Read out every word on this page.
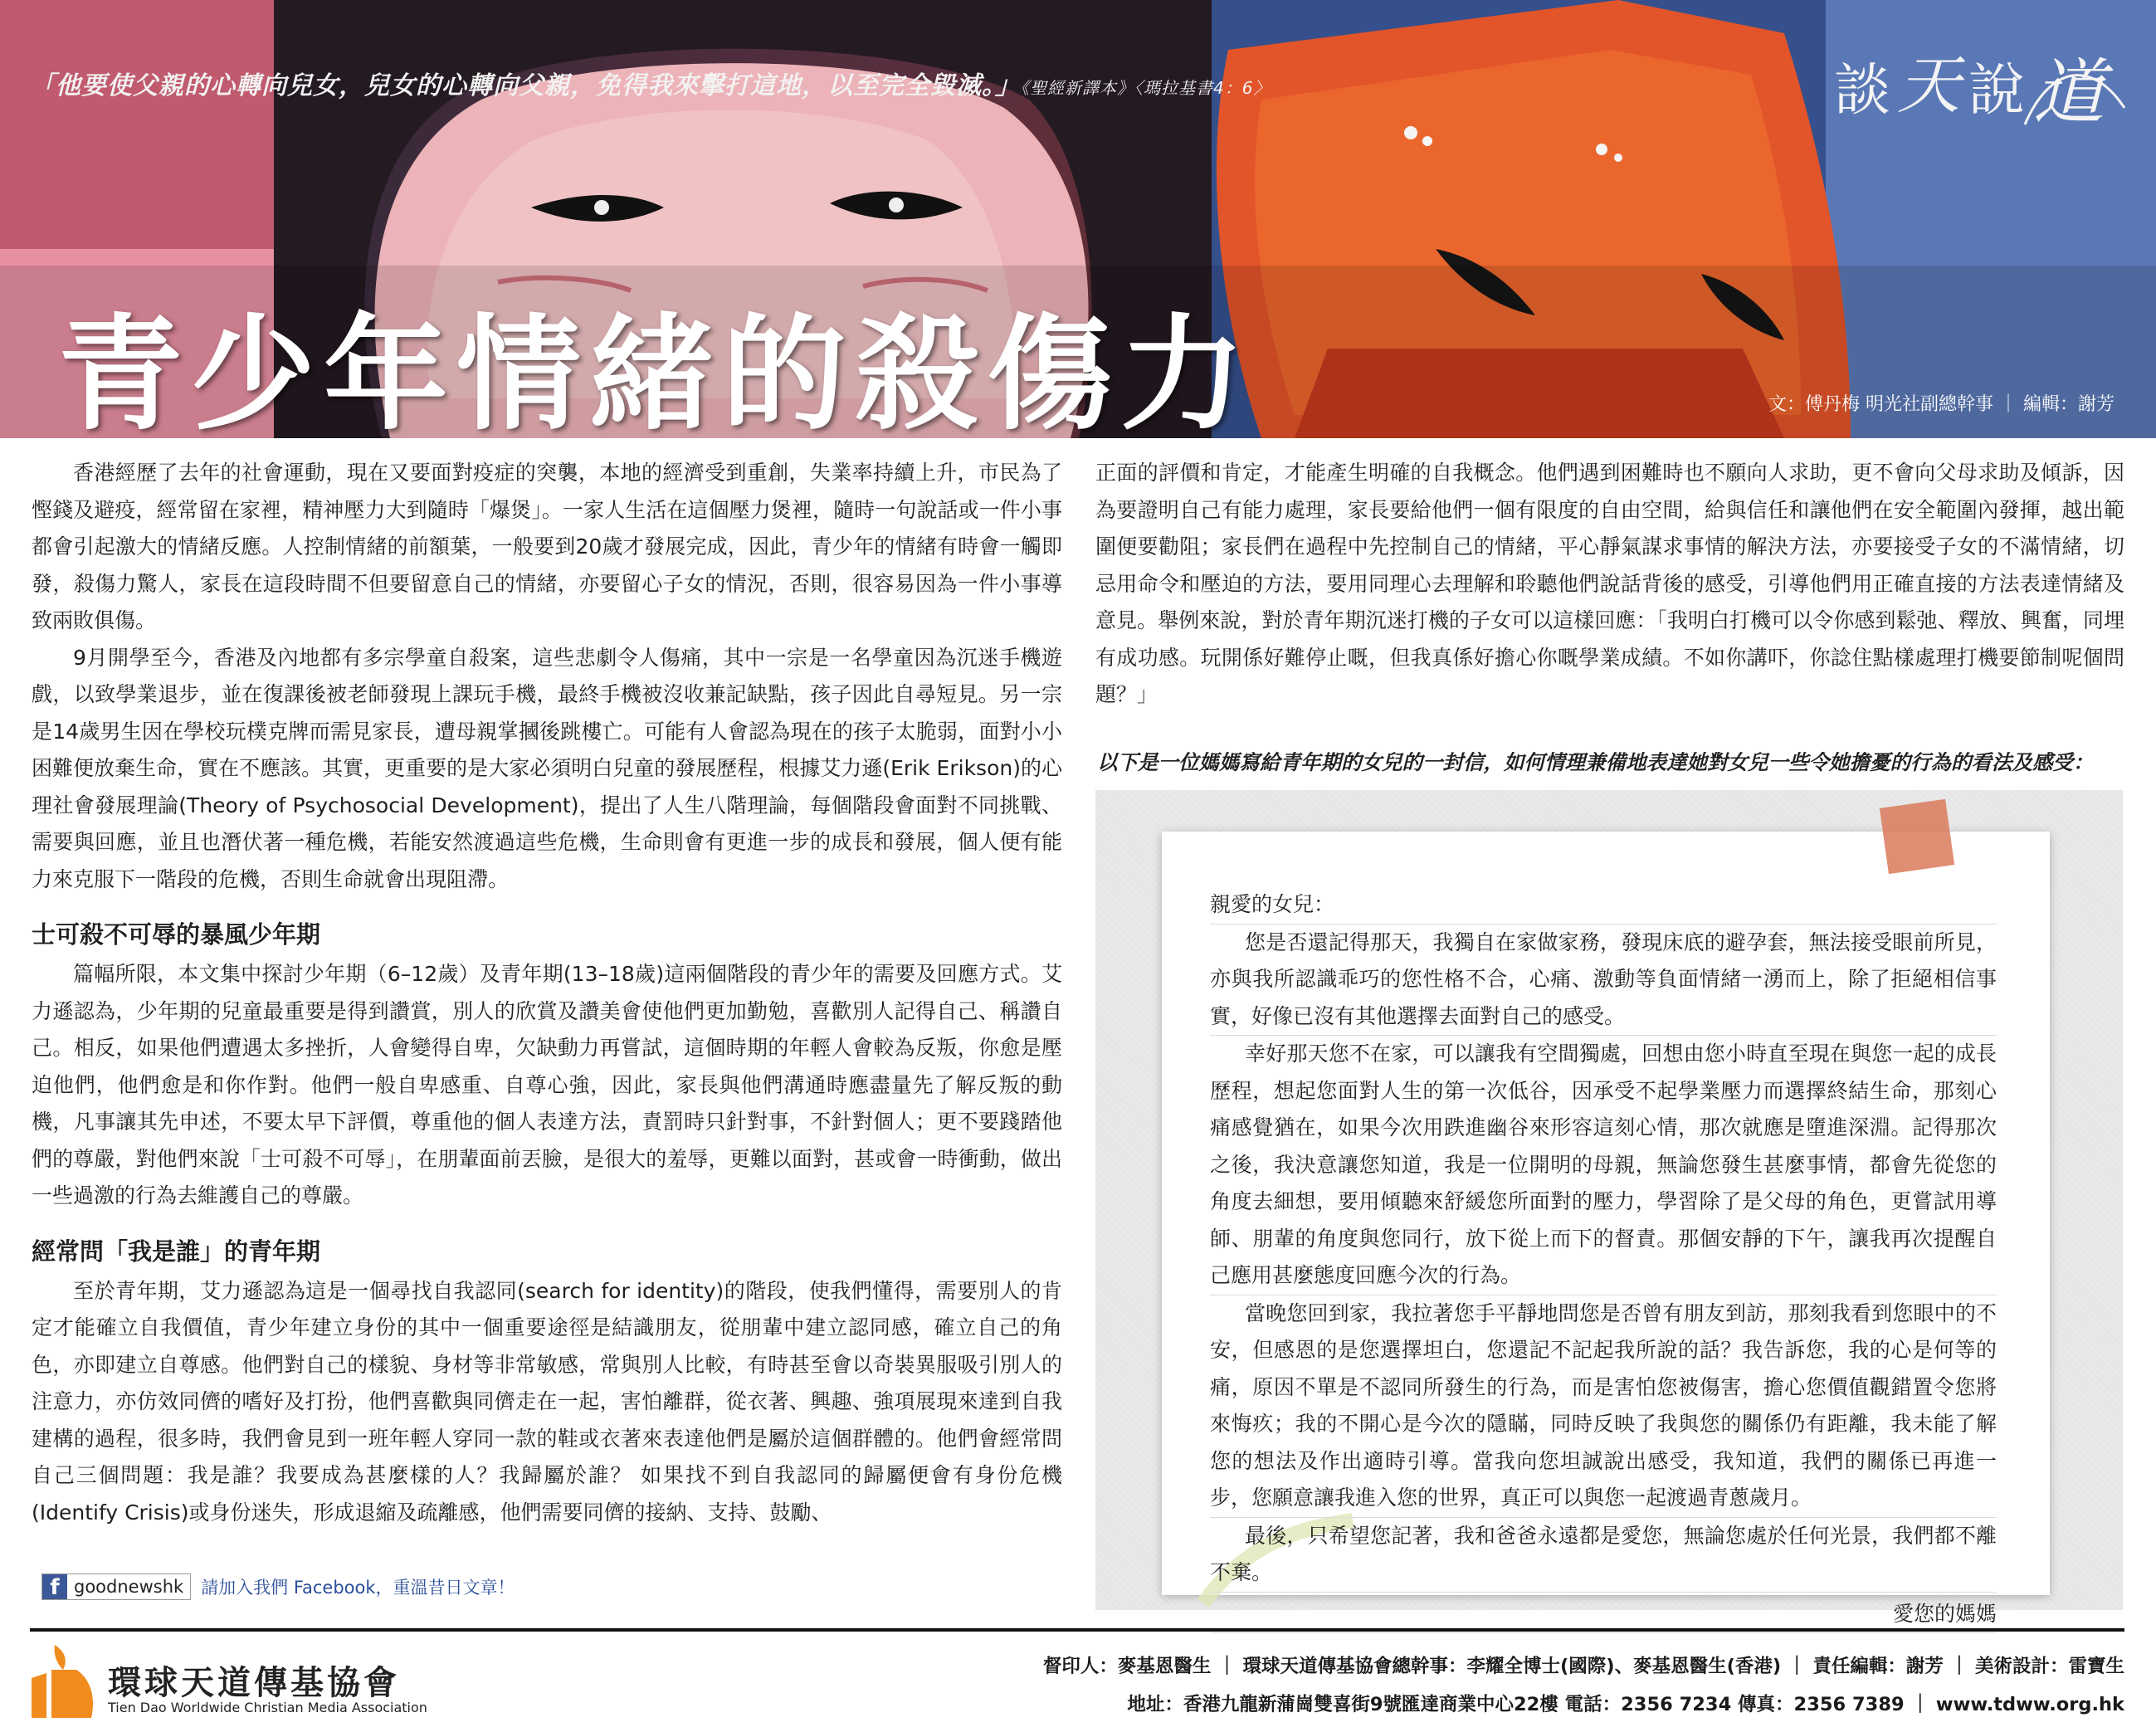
「他要使父親的心轉向兒女，兒女的心轉向父親，免得我來擊打這地，以至完全毀滅。」《聖經新譯本》〈瑪拉基書4：6〉	談 天 說 道
青少年情緒的殺傷力	文：傅丹梅 明光社副總幹事 ｜ 編輯：謝芳

香港經歷了去年的社會運動，現在又要面對疫症的突襲，本地的經濟受到重創，失業率持續上升，市民為了慳錢及避疫，經常留在家裡，精神壓力大到隨時「爆煲」。一家人生活在這個壓力煲裡，隨時一句說話或一件小事都會引起激大的情緒反應。人控制情緒的前額葉，一般要到20歲才發展完成，因此，青少年的情緒有時會一觸即發，殺傷力驚人，家長在這段時間不但要留意自己的情緒，亦要留心子女的情況，否則，很容易因為一件小事導致兩敗俱傷。

9月開學至今，香港及內地都有多宗學童自殺案，這些悲劇令人傷痛，其中一宗是一名學童因為沉迷手機遊戲，以致學業退步，並在復課後被老師發現上課玩手機，最終手機被沒收兼記缺點，孩子因此自尋短見。另一宗是14歲男生因在學校玩樸克牌而需見家長，遭母親掌摑後跳樓亡。可能有人會認為現在的孩子太脆弱，面對小小困難便放棄生命，實在不應該。其實，更重要的是大家必須明白兒童的發展歷程，根據艾力遜(Erik Erikson)的心理社會發展理論(Theory of Psychosocial Development)，提出了人生八階理論，每個階段會面對不同挑戰、需要與回應，並且也潛伏著一種危機，若能安然渡過這些危機，生命則會有更進一步的成長和發展，個人便有能力來克服下一階段的危機，否則生命就會出現阻滯。

士可殺不可辱的暴風少年期

篇幅所限，本文集中探討少年期（6–12歲）及青年期(13–18歲)這兩個階段的青少年的需要及回應方式。艾力遜認為，少年期的兒童最重要是得到讚賞，別人的欣賞及讚美會使他們更加勤勉，喜歡別人記得自己、稱讚自己。相反，如果他們遭遇太多挫折，人會變得自卑，欠缺動力再嘗試，這個時期的年輕人會較為反叛，你愈是壓迫他們，他們愈是和你作對。他們一般自卑感重、自尊心強，因此，家長與他們溝通時應盡量先了解反叛的動機，凡事讓其先申述，不要太早下評價，尊重他的個人表達方法，責罰時只針對事，不針對個人；更不要踐踏他們的尊嚴，對他們來說「士可殺不可辱」，在朋輩面前丟臉，是很大的羞辱，更難以面對，甚或會一時衝動，做出一些過激的行為去維護自己的尊嚴。

經常問「我是誰」的青年期

至於青年期，艾力遜認為這是一個尋找自我認同(search for identity)的階段，使我們懂得，需要別人的肯定才能確立自我價值，青少年建立身份的其中一個重要途徑是結識朋友，從朋輩中建立認同感，確立自己的角色，亦即建立自尊感。他們對自己的樣貌、身材等非常敏感，常與別人比較，有時甚至會以奇裝異服吸引別人的注意力，亦仿效同儕的嗜好及打扮，他們喜歡與同儕走在一起，害怕離群，從衣著、興趣、強項展現來達到自我建構的過程，很多時，我們會見到一班年輕人穿同一款的鞋或衣著來表達他們是屬於這個群體的。他們會經常問自己三個問題：我是誰？我要成為甚麼樣的人？我歸屬於誰？ 如果找不到自我認同的歸屬便會有身份危機(Identify Crisis)或身份迷失，形成退縮及疏離感，他們需要同儕的接納、支持、鼓勵、

正面的評價和肯定，才能產生明確的自我概念。他們遇到困難時也不願向人求助，更不會向父母求助及傾訴，因為要證明自己有能力處理，家長要給他們一個有限度的自由空間，給與信任和讓他們在安全範圍內發揮，越出範圍便要勸阻；家長們在過程中先控制自己的情緒，平心靜氣謀求事情的解決方法，亦要接受子女的不滿情緒，切忌用命令和壓迫的方法，要用同理心去理解和聆聽他們說話背後的感受，引導他們用正確直接的方法表達情緒及意見。舉例來說，對於青年期沉迷打機的子女可以這樣回應：「我明白打機可以令你感到鬆弛、釋放、興奮，同埋有成功感。玩開係好難停止嘅，但我真係好擔心你嘅學業成績。不如你講吓，你諗住點樣處理打機要節制呢個問題？」

以下是一位媽媽寫給青年期的女兒的一封信，如何情理兼備地表達她對女兒一些令她擔憂的行為的看法及感受：

親愛的女兒：

您是否還記得那天，我獨自在家做家務，發現床底的避孕套，無法接受眼前所見，亦與我所認識乖巧的您性格不合，心痛、激動等負面情緒一湧而上，除了拒絕相信事實，好像已沒有其他選擇去面對自己的感受。

幸好那天您不在家，可以讓我有空間獨處，回想由您小時直至現在與您一起的成長歷程，想起您面對人生的第一次低谷，因承受不起學業壓力而選擇終結生命，那刻心痛感覺猶在，如果今次用跌進幽谷來形容這刻心情，那次就應是墮進深淵。記得那次之後，我決意讓您知道，我是一位開明的母親，無論您發生甚麼事情，都會先從您的角度去細想，要用傾聽來舒緩您所面對的壓力，學習除了是父母的角色，更嘗試用導師、朋輩的角度與您同行，放下從上而下的督責。那個安靜的下午，讓我再次提醒自己應用甚麼態度回應今次的行為。

當晚您回到家，我拉著您手平靜地問您是否曾有朋友到訪，那刻我看到您眼中的不安，但感恩的是您選擇坦白，您還記不記起我所說的話？我告訴您，我的心是何等的痛，原因不單是不認同所發生的行為，而是害怕您被傷害，擔心您價值觀錯置令您將來悔疚；我的不開心是今次的隱瞞，同時反映了我與您的關係仍有距離，我未能了解您的想法及作出適時引導。當我向您坦誠說出感受，我知道，我們的關係已再進一步，您願意讓我進入您的世界，真正可以與您一起渡過青蔥歲月。

最後，只希望您記著，我和爸爸永遠都是愛您，無論您處於任何光景，我們都不離不棄。

愛您的媽媽

f goodnewshk 請加入我們 Facebook，重溫昔日文章！
環球天道傳基協會
Tien Dao Worldwide Christian Media Association
督印人：麥基恩醫生 ｜ 環球天道傳基協會總幹事：李耀全博士(國際)、麥基恩醫生(香港) ｜ 責任編輯：謝芳 ｜ 美術設計：雷寶生
地址：香港九龍新蒲崗雙喜街9號匯達商業中心22樓 電話：2356 7234 傳真：2356 7389 ｜ www.tdww.org.hk
